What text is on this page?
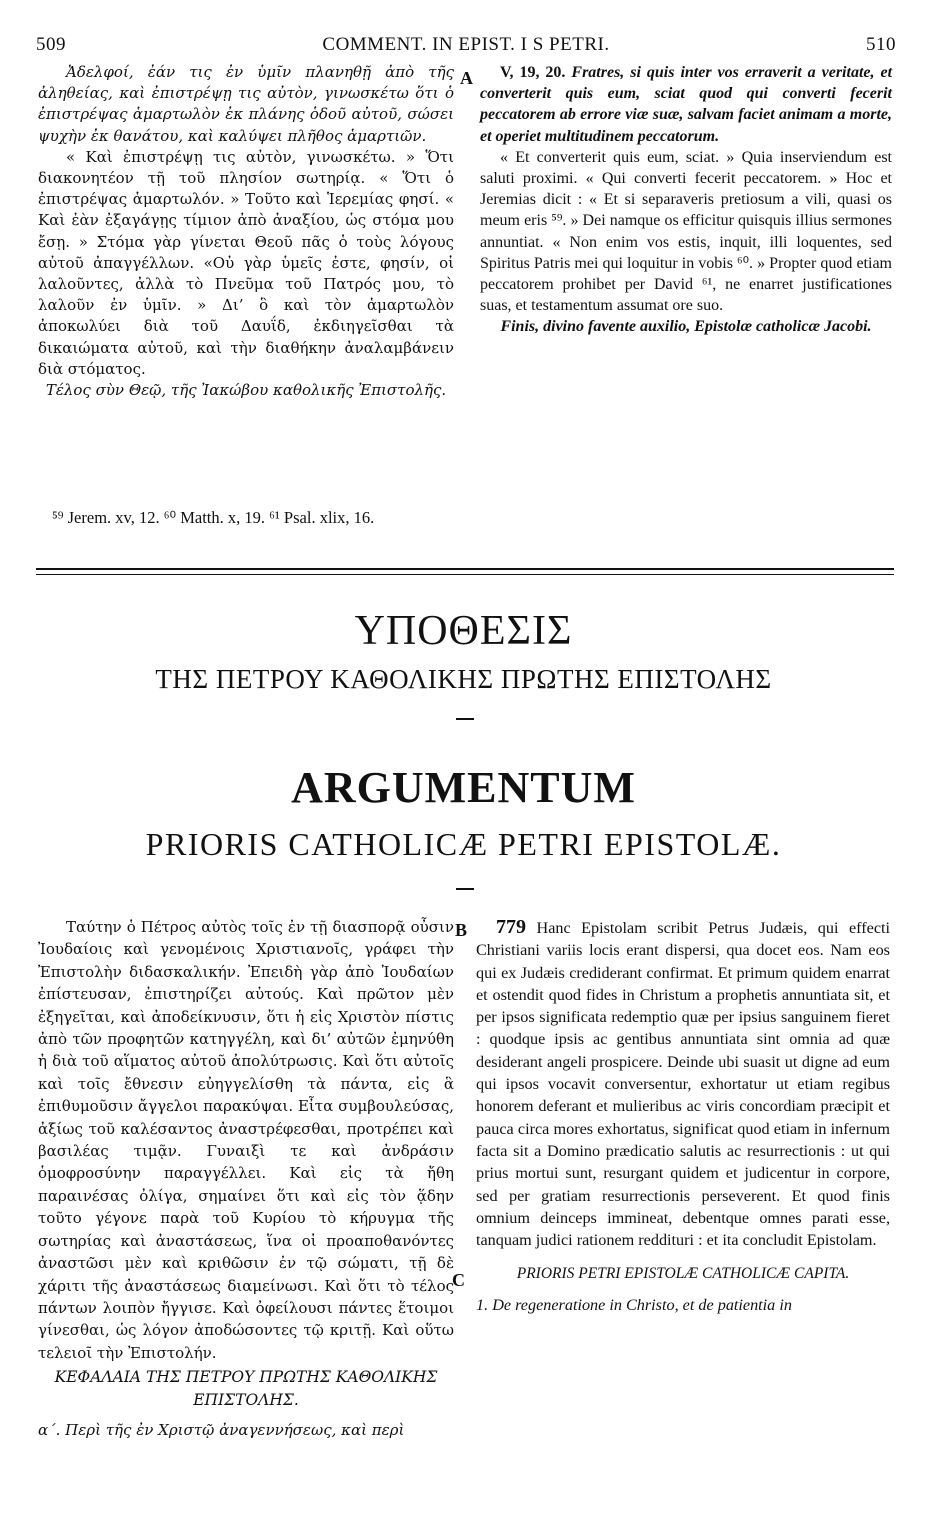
509	COMMENT. IN EPIST. I S PETRI.	510

Ἀδελφοί, ἐάν τις ἐν ὑμῖν πλανηθῇ ἀπὸ τῆς ἀληθείας, καὶ ἐπιστρέψῃ τις αὐτὸν, γινωσκέτω ὅτι ὁ ἐπιστρέψας ἁμαρτωλὸν ἐκ πλάνης ὁδοῦ αὐτοῦ, σώσει ψυχὴν ἐκ θανάτου, καὶ καλύψει πλῆθος ἁμαρτιῶν.

« Καὶ ἐπιστρέψῃ τις αὐτὸν, γινωσκέτω. » Ὅτι διακονητέον τῇ τοῦ πλησίον σωτηρίᾳ. « Ὅτι ὁ ἐπιστρέψας ἁμαρτωλόν. » Τοῦτο καὶ Ἱερεμίας φησί. « Καὶ ἐὰν ἐξαγάγῃς τίμιον ἀπὸ ἀναξίου, ὡς στόμα μου ἔσῃ. » Στόμα γὰρ γίνεται Θεοῦ πᾶς ὁ τοὺς λόγους αὐτοῦ ἀπαγγέλλων. «Οὐ γὰρ ὑμεῖς ἐστε, φησίν, οἱ λαλοῦντες, ἀλλὰ τὸ Πνεῦμα τοῦ Πατρός μου, τὸ λαλοῦν ἐν ὑμῖν. » Δι’ ὃ καὶ τὸν ἁμαρτωλὸν ἀποκωλύει διὰ τοῦ Δαυΐδ, ἐκδιηγεῖσθαι τὰ δικαιώματα αὐτοῦ, καὶ τὴν διαθήκην ἀναλαμβάνειν διὰ στόματος.

Τέλος σὺν Θεῷ, τῆς Ἰακώβου καθολικῆς Ἐπιστολῆς.

A	V, 19, 20. Fratres, si quis inter vos erraverit a veritate, et converterit quis eum, sciat quod qui converti fecerit peccatorem ab errore viæ suæ, salvam faciet animam a morte, et operiet multitudinem peccatorum.

« Et converterit quis eum, sciat. » Quia inserviendum est saluti proximi. « Qui converti fecerit peccatorem. » Hoc et Jeremias dicit : « Et si separaveris pretiosum a vili, quasi os meum eris ⁵⁹. » Dei namque os efficitur quisquis illius sermones annuntiat. « Non enim vos estis, inquit, illi loquentes, sed Spiritus Patris mei qui loquitur in vobis ⁶⁰. » Propter quod etiam peccatorem prohibet per David ⁶¹, ne enarret justificationes suas, et testamentum assumat ore suo.

Finis, divino favente auxilio, Epistolæ catholicæ Jacobi.

⁵⁹ Jerem. xv, 12. ⁶⁰ Matth. x, 19. ⁶¹ Psal. xlix, 16.
ΥΠΟΘΕΣΙΣ
ΤΗΣ ΠΕΤΡΟΥ ΚΑΘΟΛΙΚΗΣ ΠΡΩΤΗΣ ΕΠΙΣΤΟΛΗΣ
ARGUMENTUM
PRIORIS CATHOLICÆ PETRI EPISTOLÆ.

Ταύτην ὁ Πέτρος αὐτὸς τοῖς ἐν τῇ διασπορᾷ οὖσιν Ἰουδαίοις καὶ γενομένοις Χριστιανοῖς, γράφει τὴν Ἐπιστολὴν διδασκαλικήν. Ἐπειδὴ γὰρ ἀπὸ Ἰουδαίων ἐπίστευσαν, ἐπιστηρίζει αὐτούς. Καὶ πρῶτον μὲν ἐξηγεῖται, καὶ ἀποδείκνυσιν, ὅτι ἡ εἰς Χριστὸν πίστις ἀπὸ τῶν προφητῶν κατηγγέλη, καὶ δι’ αὐτῶν ἐμηνύθη ἡ διὰ τοῦ αἵματος αὐτοῦ ἀπολύτρωσις. Καὶ ὅτι αὐτοῖς καὶ τοῖς ἔθνεσιν εὐηγγελίσθη τὰ πάντα, εἰς ἃ ἐπιθυμοῦσιν ἄγγελοι παρακύψαι. Εἶτα συμβουλεύσας, ἀξίως τοῦ καλέσαντος ἀναστρέφεσθαι, προτρέπει καὶ βασιλέας τιμᾷν. Γυναιξὶ τε καὶ ἀνδράσιν ὁμοφροσύνην παραγγέλλει. Καὶ εἰς τὰ ἤθη παραινέσας ὀλίγα, σημαίνει ὅτι καὶ εἰς τὸν ᾅδην τοῦτο γέγονε παρὰ τοῦ Κυρίου τὸ κήρυγμα τῆς σωτηρίας καὶ ἀναστάσεως, ἵνα οἱ προαποθανόντες ἀναστῶσι μὲν καὶ κριθῶσιν ἐν τῷ σώματι, τῇ δὲ χάριτι τῆς ἀναστάσεως διαμείνωσι. Καὶ ὅτι τὸ τέλος πάντων λοιπὸν ἤγγισε. Καὶ ὀφείλουσι πάντες ἕτοιμοι γίνεσθαι, ὡς λόγον ἀποδώσοντες τῷ κριτῇ. Καὶ οὕτω τελειοῖ τὴν Ἐπιστολήν.

ΚΕΦΑΛΑΙΑ ΤΗΣ ΠΕΤΡΟΥ ΠΡΩΤΗΣ ΚΑΘΟΛΙΚΗΣ ΕΠΙΣΤΟΛΗΣ.

α΄. Περὶ τῆς ἐν Χριστῷ ἀναγεννήσεως, καὶ περὶ

B
C

779 Hanc Epistolam scribit Petrus Judæis, qui effecti Christiani variis locis erant dispersi, qua docet eos. Nam eos qui ex Judæis crediderant confirmat. Et primum quidem enarrat et ostendit quod fides in Christum a prophetis annuntiata sit, et per ipsos significata redemptio quæ per ipsius sanguinem fieret : quodque ipsis ac gentibus annuntiata sint omnia ad quæ desiderant angeli prospicere. Deinde ubi suasit ut digne ad eum qui ipsos vocavit conversentur, exhortatur ut etiam regibus honorem deferant et mulieribus ac viris concordiam præcipit et pauca circa mores exhortatus, significat quod etiam in infernum facta sit a Domino prædicatio salutis ac resurrectionis : ut qui prius mortui sunt, resurgant quidem et judicentur in corpore, sed per gratiam resurrectionis perseverent. Et quod finis omnium deinceps immineat, debentque omnes parati esse, tanquam judici rationem reddituri : et ita concludit Epistolam.

PRIORIS PETRI EPISTOLÆ CATHOLICÆ CAPITA.

1. De regeneratione in Christo, et de patientia in
